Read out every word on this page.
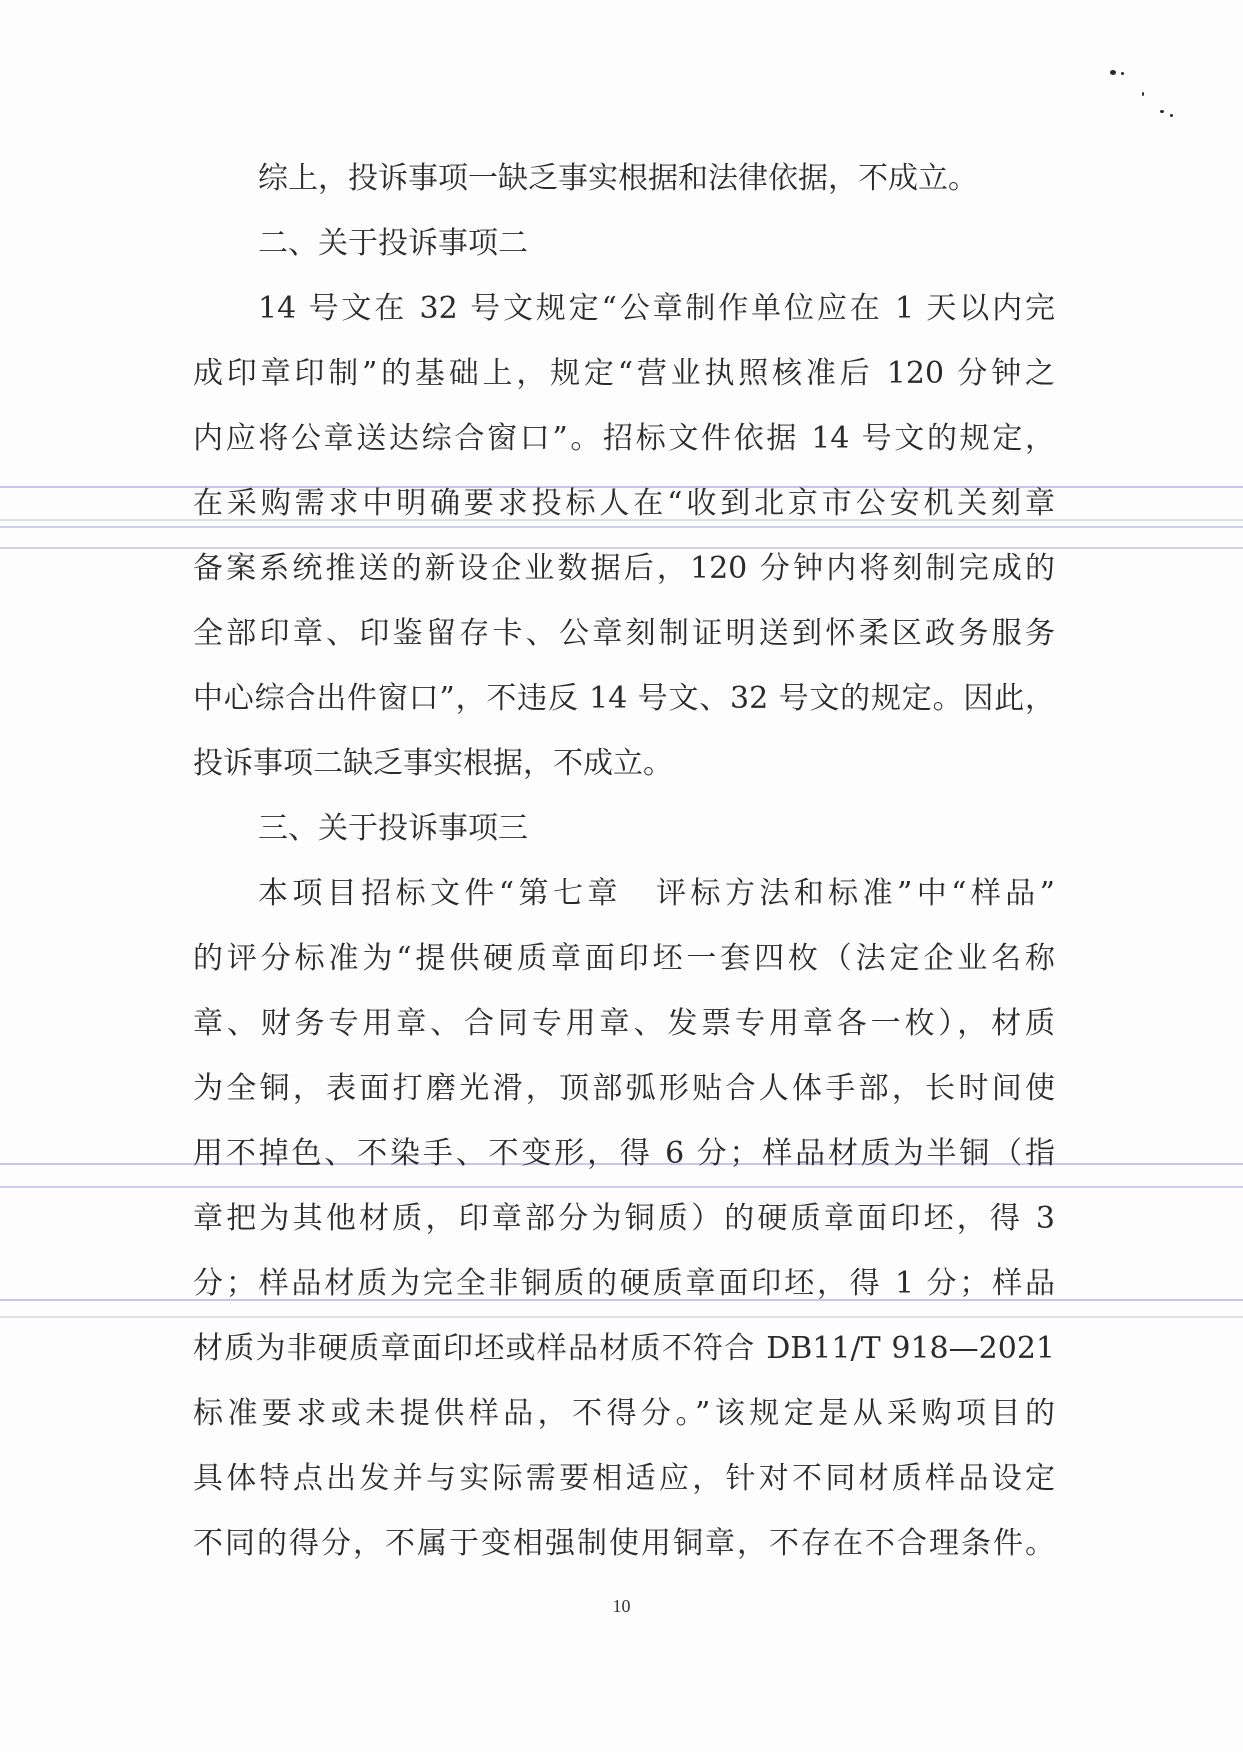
综上，投诉事项一缺乏事实根据和法律依据，不成立。
二、关于投诉事项二
14 号文在 32 号文规定“公章制作单位应在 1 天以内完
成印章印制”的基础上，规定“营业执照核准后 120 分钟之
内应将公章送达综合窗口”。招标文件依据 14 号文的规定，
在采购需求中明确要求投标人在“收到北京市公安机关刻章
备案系统推送的新设企业数据后，120 分钟内将刻制完成的
全部印章、印鉴留存卡、公章刻制证明送到怀柔区政务服务
中心综合出件窗口”，不违反 14 号文、32 号文的规定。因此，
投诉事项二缺乏事实根据，不成立。
三、关于投诉事项三
本项目招标文件“第七章　评标方法和标准”中“样品”
的评分标准为“提供硬质章面印坯一套四枚（法定企业名称
章、财务专用章、合同专用章、发票专用章各一枚），材质
为全铜，表面打磨光滑，顶部弧形贴合人体手部，长时间使
用不掉色、不染手、不变形，得 6 分；样品材质为半铜（指
章把为其他材质，印章部分为铜质）的硬质章面印坯，得 3
分；样品材质为完全非铜质的硬质章面印坯，得 1 分；样品
材质为非硬质章面印坯或样品材质不符合 DB11/T 918—2021
标准要求或未提供样品，不得分。”该规定是从采购项目的
具体特点出发并与实际需要相适应，针对不同材质样品设定
不同的得分，不属于变相强制使用铜章，不存在不合理条件。
10
